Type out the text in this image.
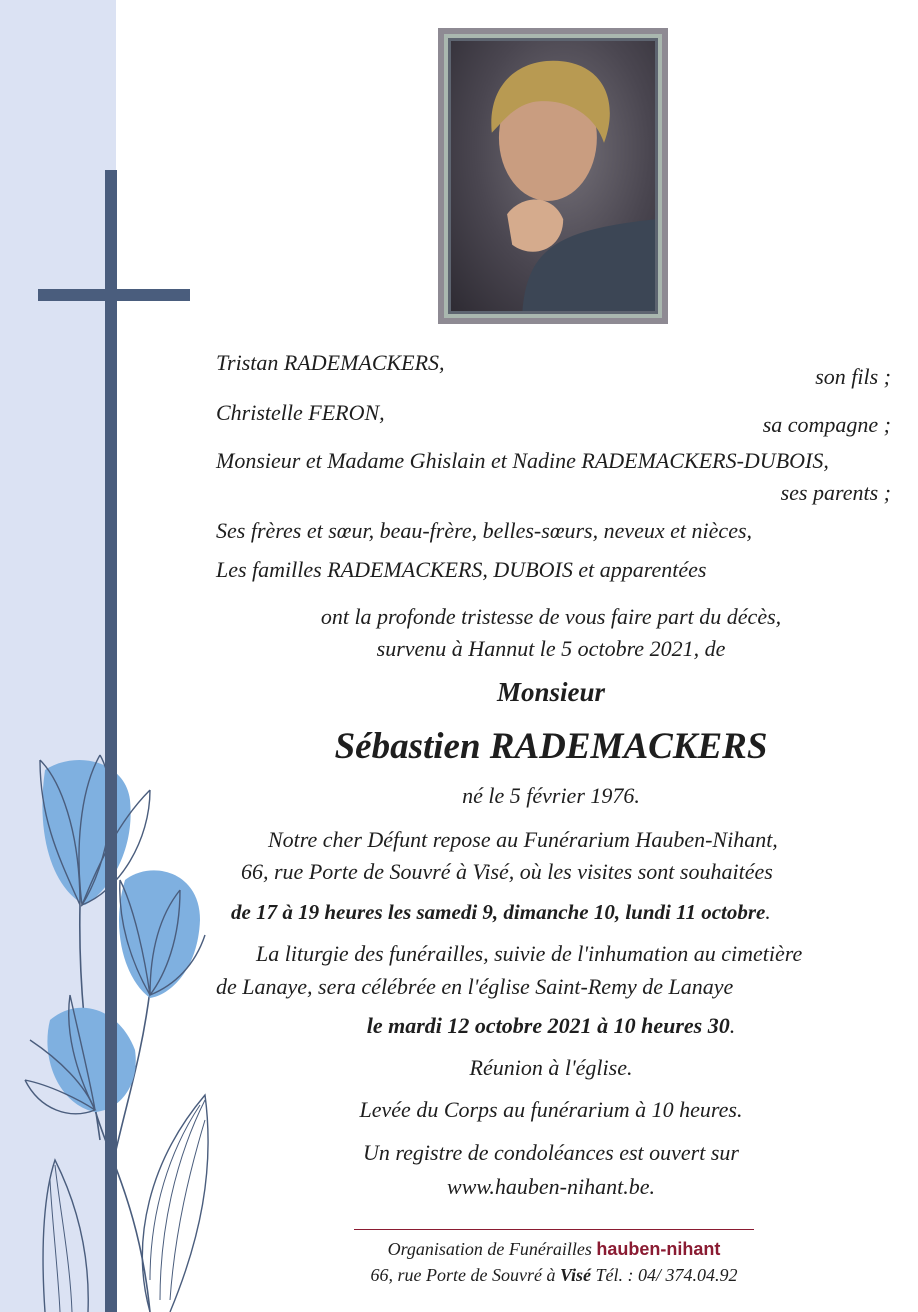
Tristan RADEMACKERS,
son fils ;
Christelle FERON,	sa compagne ;
Monsieur et Madame Ghislain et Nadine RADEMACKERS-DUBOIS,
ses parents ;
Ses frères et sœur, beau-frère, belles-sœurs, neveux et nièces,
Les familles RADEMACKERS, DUBOIS et apparentées
ont la profonde tristesse de vous faire part du décès,
survenu à Hannut le 5 octobre 2021, de
Monsieur
Sébastien RADEMACKERS
né le 5 février 1976.
Notre cher Défunt repose au Funérarium Hauben-Nihant,
66, rue Porte de Souvré à Visé, où les visites sont souhaitées
de 17 à 19 heures les samedi 9, dimanche 10, lundi 11 octobre.
La liturgie des funérailles, suivie de l'inhumation au cimetière
de Lanaye, sera célébrée en l'église Saint-Remy de Lanaye
le mardi 12 octobre 2021 à 10 heures 30.
Réunion à l'église.
Levée du Corps au funérarium à 10 heures.
Un registre de condoléances est ouvert sur
www.hauben-nihant.be.
Organisation de Funérailles hauben-nihant
66, rue Porte de Souvré à Visé Tél. : 04/ 374.04.92
